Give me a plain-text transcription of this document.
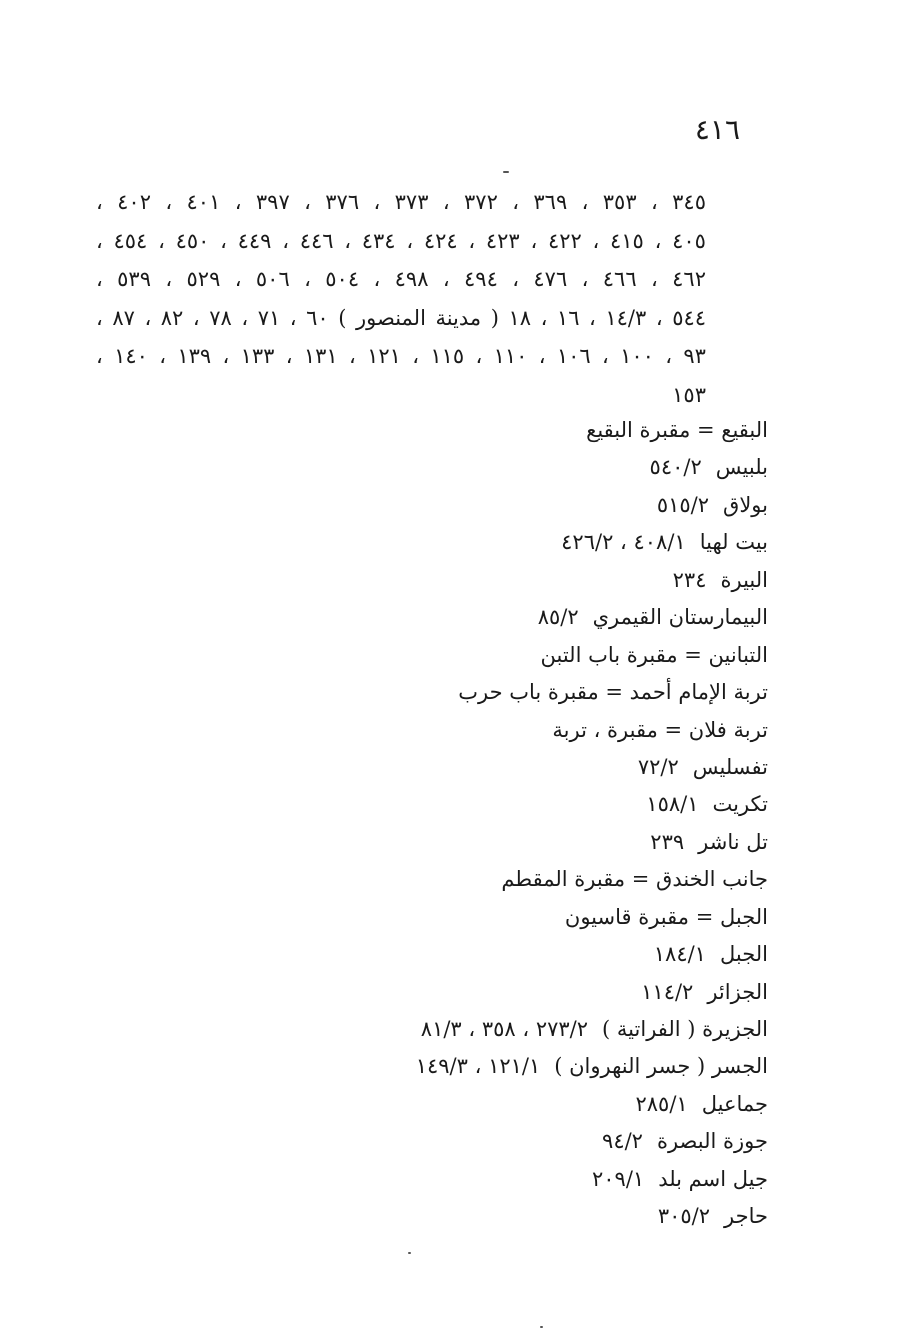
٤١٦
٣٤٥ ، ٣٥٣ ، ٣٦٩ ، ٣٧٢ ، ٣٧٣ ، ٣٧٦ ، ٣٩٧ ، ٤٠١ ، ٤٠٢ ،
٤٠٥ ، ٤١٥ ، ٤٢٢ ، ٤٢٣ ، ٤٢٤ ، ٤٣٤ ، ٤٤٦ ، ٤٤٩ ، ٤٥٠ ، ٤٥٤ ،
٤٦٢ ، ٤٦٦ ، ٤٧٦ ، ٤٩٤ ، ٤٩٨ ، ٥٠٤ ، ٥٠٦ ، ٥٢٩ ، ٥٣٩ ،
٥٤٤ ، ١٤/٣ ، ١٦ ، ١٨ ( مدينة المنصور ) ٦٠ ، ٧١ ، ٧٨ ، ٨٢ ، ٨٧ ،
٩٣ ، ١٠٠ ، ١٠٦ ، ١١٠ ، ١١٥ ، ١٢١ ، ١٣١ ، ١٣٣ ، ١٣٩ ، ١٤٠ ،
١٥٣
البقيع = مقبرة البقيع
بلبيس٥٤٠/٢
بولاق٥١٥/٢
بيت لهيا٤٠٨/١ ، ٤٢٦/٢
البيرة٢٣٤
البيمارستان القيمري٨٥/٢
التبانين = مقبرة باب التبن
تربة الإمام أحمد = مقبرة باب حرب
تربة فلان = مقبرة ، تربة
تفسليس٧٢/٢
تكريت١٥٨/١
تل ناشر٢٣٩
جانب الخندق = مقبرة المقطم
الجبل = مقبرة قاسيون
الجبل١٨٤/١
الجزائر١١٤/٢
الجزيرة ( الفراتية )٢٧٣/٢ ، ٣٥٨ ، ٨١/٣
الجسر ( جسر النهروان )١٢١/١ ، ١٤٩/٣
جماعيل٢٨٥/١
جوزة البصرة٩٤/٢
جيل اسم بلد٢٠٩/١
حاجر٣٠٥/٢
